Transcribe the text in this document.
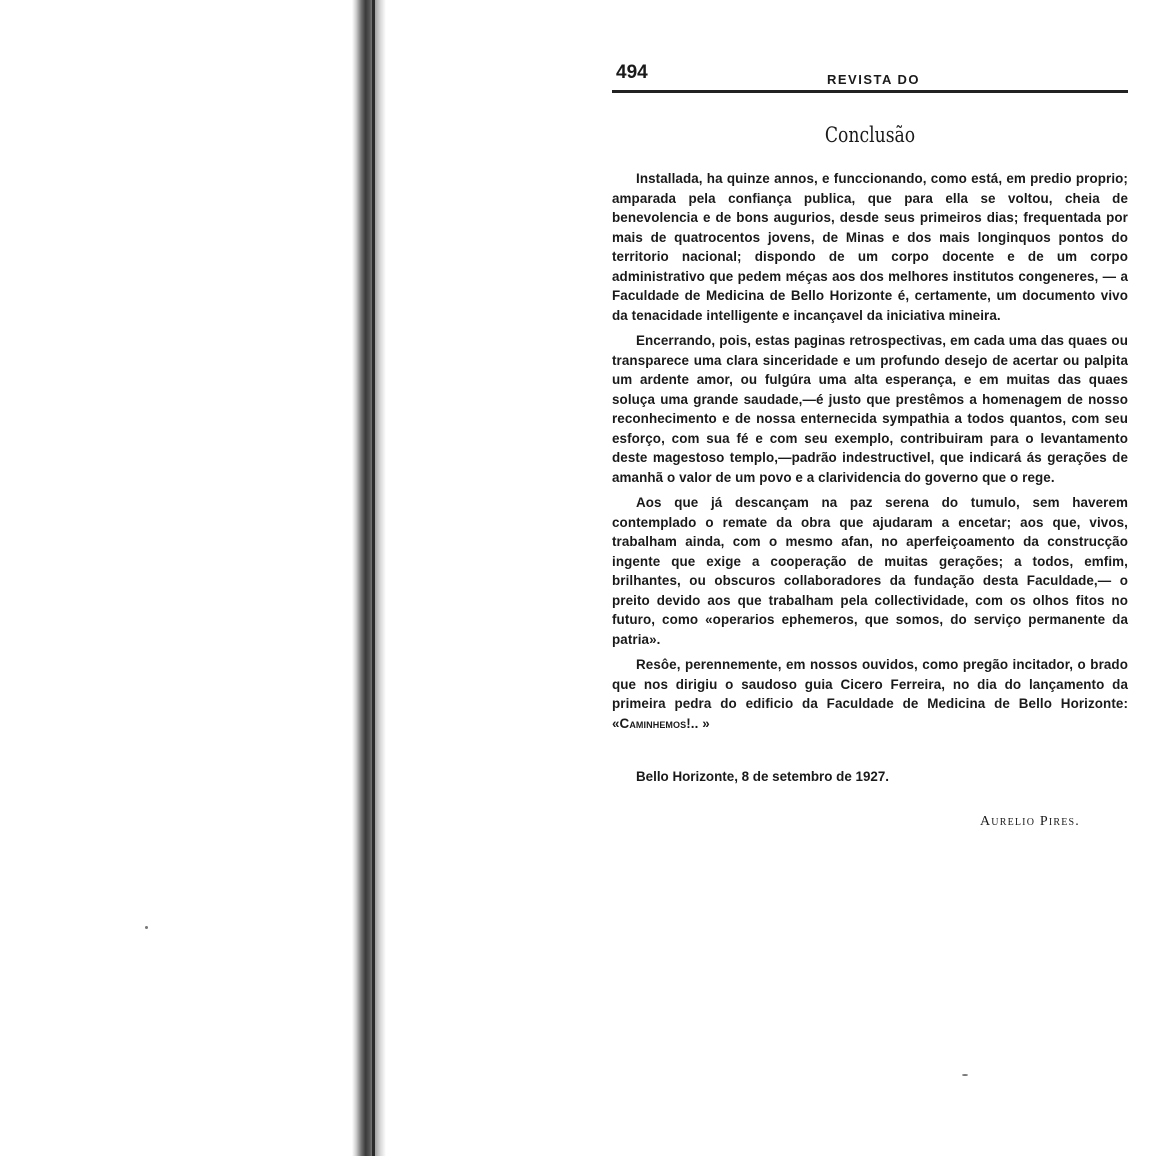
494	REVISTA DO
Conclusão

Installada, ha quinze annos, e funccionando, como está, em predio proprio; amparada pela confiança publica, que para ella se voltou, cheia de benevolencia e de bons augurios, desde seus primeiros dias; frequentada por mais de quatrocentos jovens, de Minas e dos mais longinquos pontos do territorio nacional; dispondo de um corpo docente e de um corpo administrativo que pedem méças aos dos melhores institutos congeneres, — a Faculdade de Medicina de Bello Horizonte é, certamente, um documento vivo da tenacidade intelligente e incançavel da iniciativa mineira.

Encerrando, pois, estas paginas retrospectivas, em cada uma das quaes ou transparece uma clara sinceridade e um profundo desejo de acertar ou palpita um ardente amor, ou fulgúra uma alta esperança, e em muitas das quaes soluça uma grande saudade,—é justo que prestêmos a homenagem de nosso reconhecimento e de nossa enternecida sympathia a todos quantos, com seu esforço, com sua fé e com seu exemplo, contribuiram para o levantamento deste magestoso templo,—padrão indestructivel, que indicará ás gerações de amanhã o valor de um povo e a clarividencia do governo que o rege.

Aos que já descançam na paz serena do tumulo, sem haverem contemplado o remate da obra que ajudaram a encetar; aos que, vivos, trabalham ainda, com o mesmo afan, no aperfeiçoamento da construcção ingente que exige a cooperação de muitas gerações; a todos, emfim, brilhantes, ou obscuros collaboradores da fundação desta Faculdade,— o preito devido aos que trabalham pela collectividade, com os olhos fitos no futuro, como «operarios ephemeros, que somos, do serviço permanente da patria».

Resôe, perennemente, em nossos ouvidos, como pregão incitador, o brado que nos dirigiu o saudoso guia Cicero Ferreira, no dia do lançamento da primeira pedra do edificio da Faculdade de Medicina de Bello Horizonte: «Caminhemos!.. »

Bello Horizonte, 8 de setembro de 1927.
Aurelio Pires.
